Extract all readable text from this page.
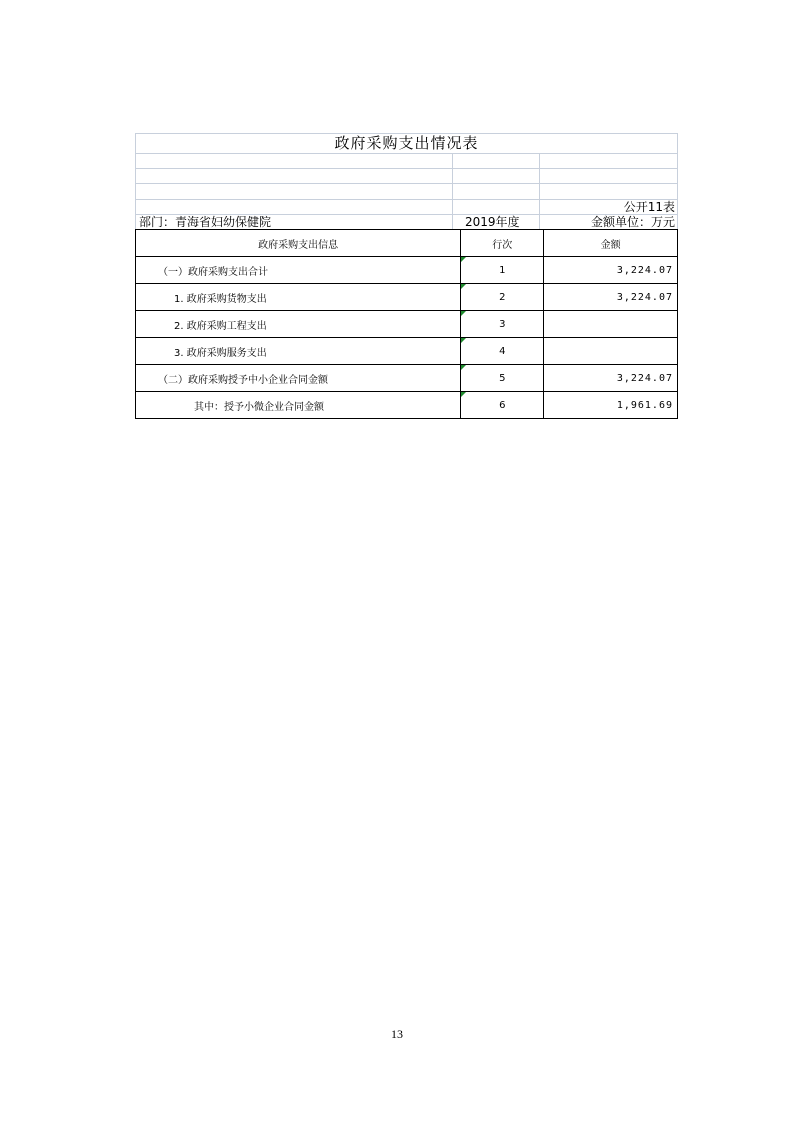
政府采购支出情况表
公开11表
部门：青海省妇幼保健院	2019年度	金额单位：万元
政府采购支出信息	行次	金额
（一）政府采购支出合计	1	3,224.07
1. 政府采购货物支出	2	3,224.07
2. 政府采购工程支出	3	
3. 政府采购服务支出	4	
（二）政府采购授予中小企业合同金额	5	3,224.07
其中：授予小微企业合同金额	6	1,961.69
13
